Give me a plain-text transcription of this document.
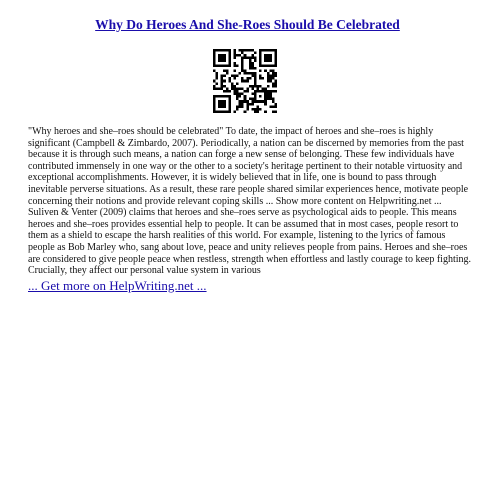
Why Do Heroes And She-Roes Should Be Celebrated

"Why heroes and she–roes should be celebrated" To date, the impact of heroes and she–roes is highly significant (Campbell & Zimbardo, 2007). Periodically, a nation can be discerned by memories from the past because it is through such means, a nation can forge a new sense of belonging. These few individuals have contributed immensely in one way or the other to a society's heritage pertinent to their notable virtuosity and exceptional accomplishments. However, it is widely believed that in life, one is bound to pass through inevitable perverse situations. As a result, these rare people shared similar experiences hence, motivate people concerning their notions and provide relevant coping skills ... Show more content on Helpwriting.net ...

Suliven & Venter (2009) claims that heroes and she–roes serve as psychological aids to people. This means heroes and she–roes provides essential help to people. It can be assumed that in most cases, people resort to them as a shield to escape the harsh realities of this world. For example, listening to the lyrics of famous people as Bob Marley who, sang about love, peace and unity relieves people from pains. Heroes and she–roes are considered to give people peace when restless, strength when effortless and lastly courage to keep fighting. Crucially, they affect our personal value system in various

... Get more on HelpWriting.net ...
